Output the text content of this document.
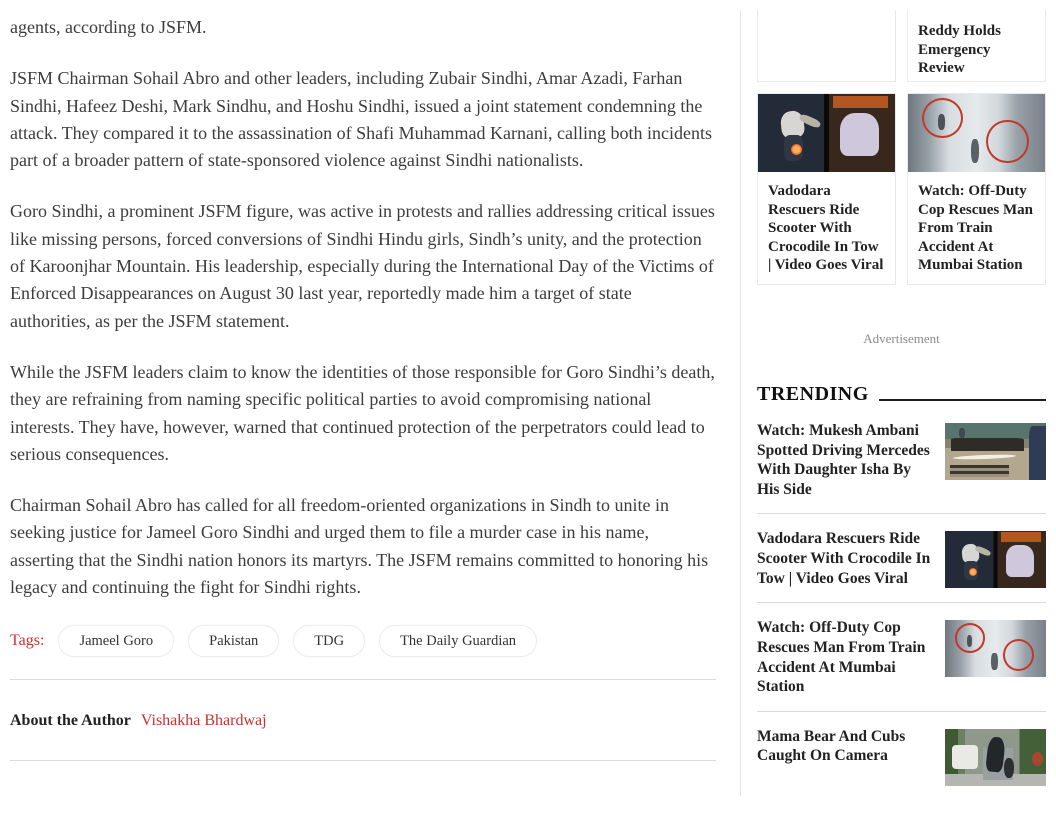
agents, according to JSFM.

JSFM Chairman Sohail Abro and other leaders, including Zubair Sindhi, Amar Azadi, Farhan Sindhi, Hafeez Deshi, Mark Sindhu, and Hoshu Sindhi, issued a joint statement condemning the attack. They compared it to the assassination of Shafi Muhammad Karnani, calling both incidents part of a broader pattern of state-sponsored violence against Sindhi nationalists.

Goro Sindhi, a prominent JSFM figure, was active in protests and rallies addressing critical issues like missing persons, forced conversions of Sindhi Hindu girls, Sindh’s unity, and the protection of Karoonjhar Mountain. His leadership, especially during the International Day of the Victims of Enforced Disappearances on August 30 last year, reportedly made him a target of state authorities, as per the JSFM statement.

While the JSFM leaders claim to know the identities of those responsible for Goro Sindhi’s death, they are refraining from naming specific political parties to avoid compromising national interests. They have, however, warned that continued protection of the perpetrators could lead to serious consequences.

Chairman Sohail Abro has called for all freedom-oriented organizations in Sindh to unite in seeking justice for Jameel Goro Sindhi and urged them to file a murder case in his name, asserting that the Sindhi nation honors its martyrs. The JSFM remains committed to honoring his legacy and continuing the fight for Sindhi rights.

Tags:	Jameel Goro	Pakistan	TDG	The Daily Guardian
About the Author Vishakha Bhardwaj
Reddy Holds Emergency Review
Vadodara Rescuers Ride Scooter With Crocodile In Tow | Video Goes Viral
Watch: Off-Duty Cop Rescues Man From Train Accident At Mumbai Station
Advertisement
TRENDING
Watch: Mukesh Ambani Spotted Driving Mercedes With Daughter Isha By His Side
Vadodara Rescuers Ride Scooter With Crocodile In Tow | Video Goes Viral
Watch: Off-Duty Cop Rescues Man From Train Accident At Mumbai Station
Mama Bear And Cubs Caught On Camera
